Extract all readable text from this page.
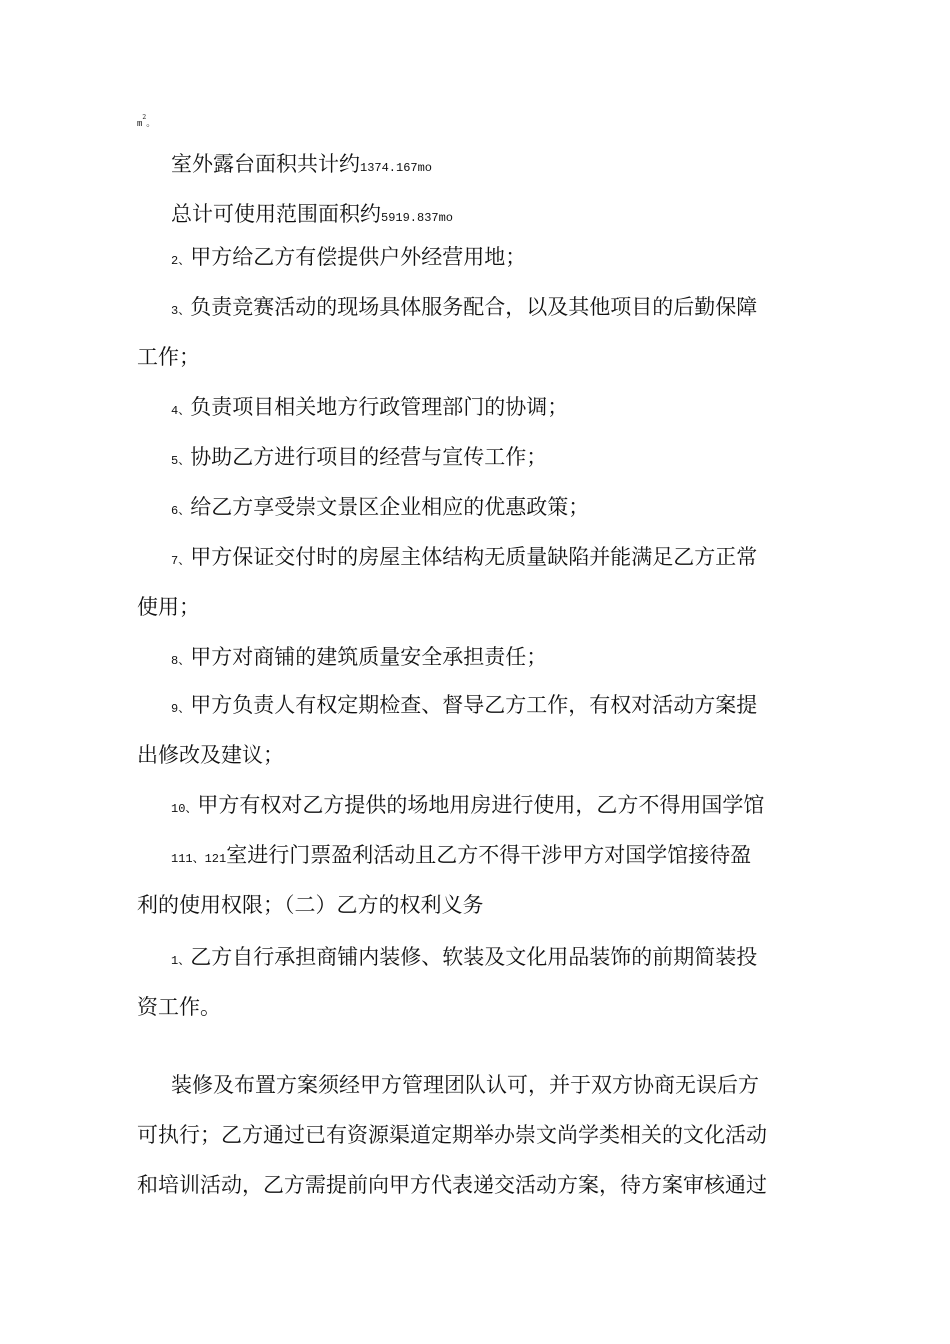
$m^2$。
室外露台面积共计约1374.167mo
总计可使用范围面积约5919.837mo
2、甲方给乙方有偿提供户外经营用地；
3、负责竞赛活动的现场具体服务配合，以及其他项目的后勤保障
工作；
4、负责项目相关地方行政管理部门的协调；
5、协助乙方进行项目的经营与宣传工作；
6、给乙方享受崇文景区企业相应的优惠政策；
7、甲方保证交付时的房屋主体结构无质量缺陷并能满足乙方正常
使用；
8、甲方对商铺的建筑质量安全承担责任；
9、甲方负责人有权定期检查、督导乙方工作，有权对活动方案提
出修改及建议；
10、甲方有权对乙方提供的场地用房进行使用，乙方不得用国学馆
111、121室进行门票盈利活动且乙方不得干涉甲方对国学馆接待盈
利的使用权限；（二）乙方的权利义务
1、乙方自行承担商铺内装修、软装及文化用品装饰的前期简装投
资工作。
装修及布置方案须经甲方管理团队认可，并于双方协商无误后方
可执行；乙方通过已有资源渠道定期举办崇文尚学类相关的文化活动
和培训活动，乙方需提前向甲方代表递交活动方案，待方案审核通过
